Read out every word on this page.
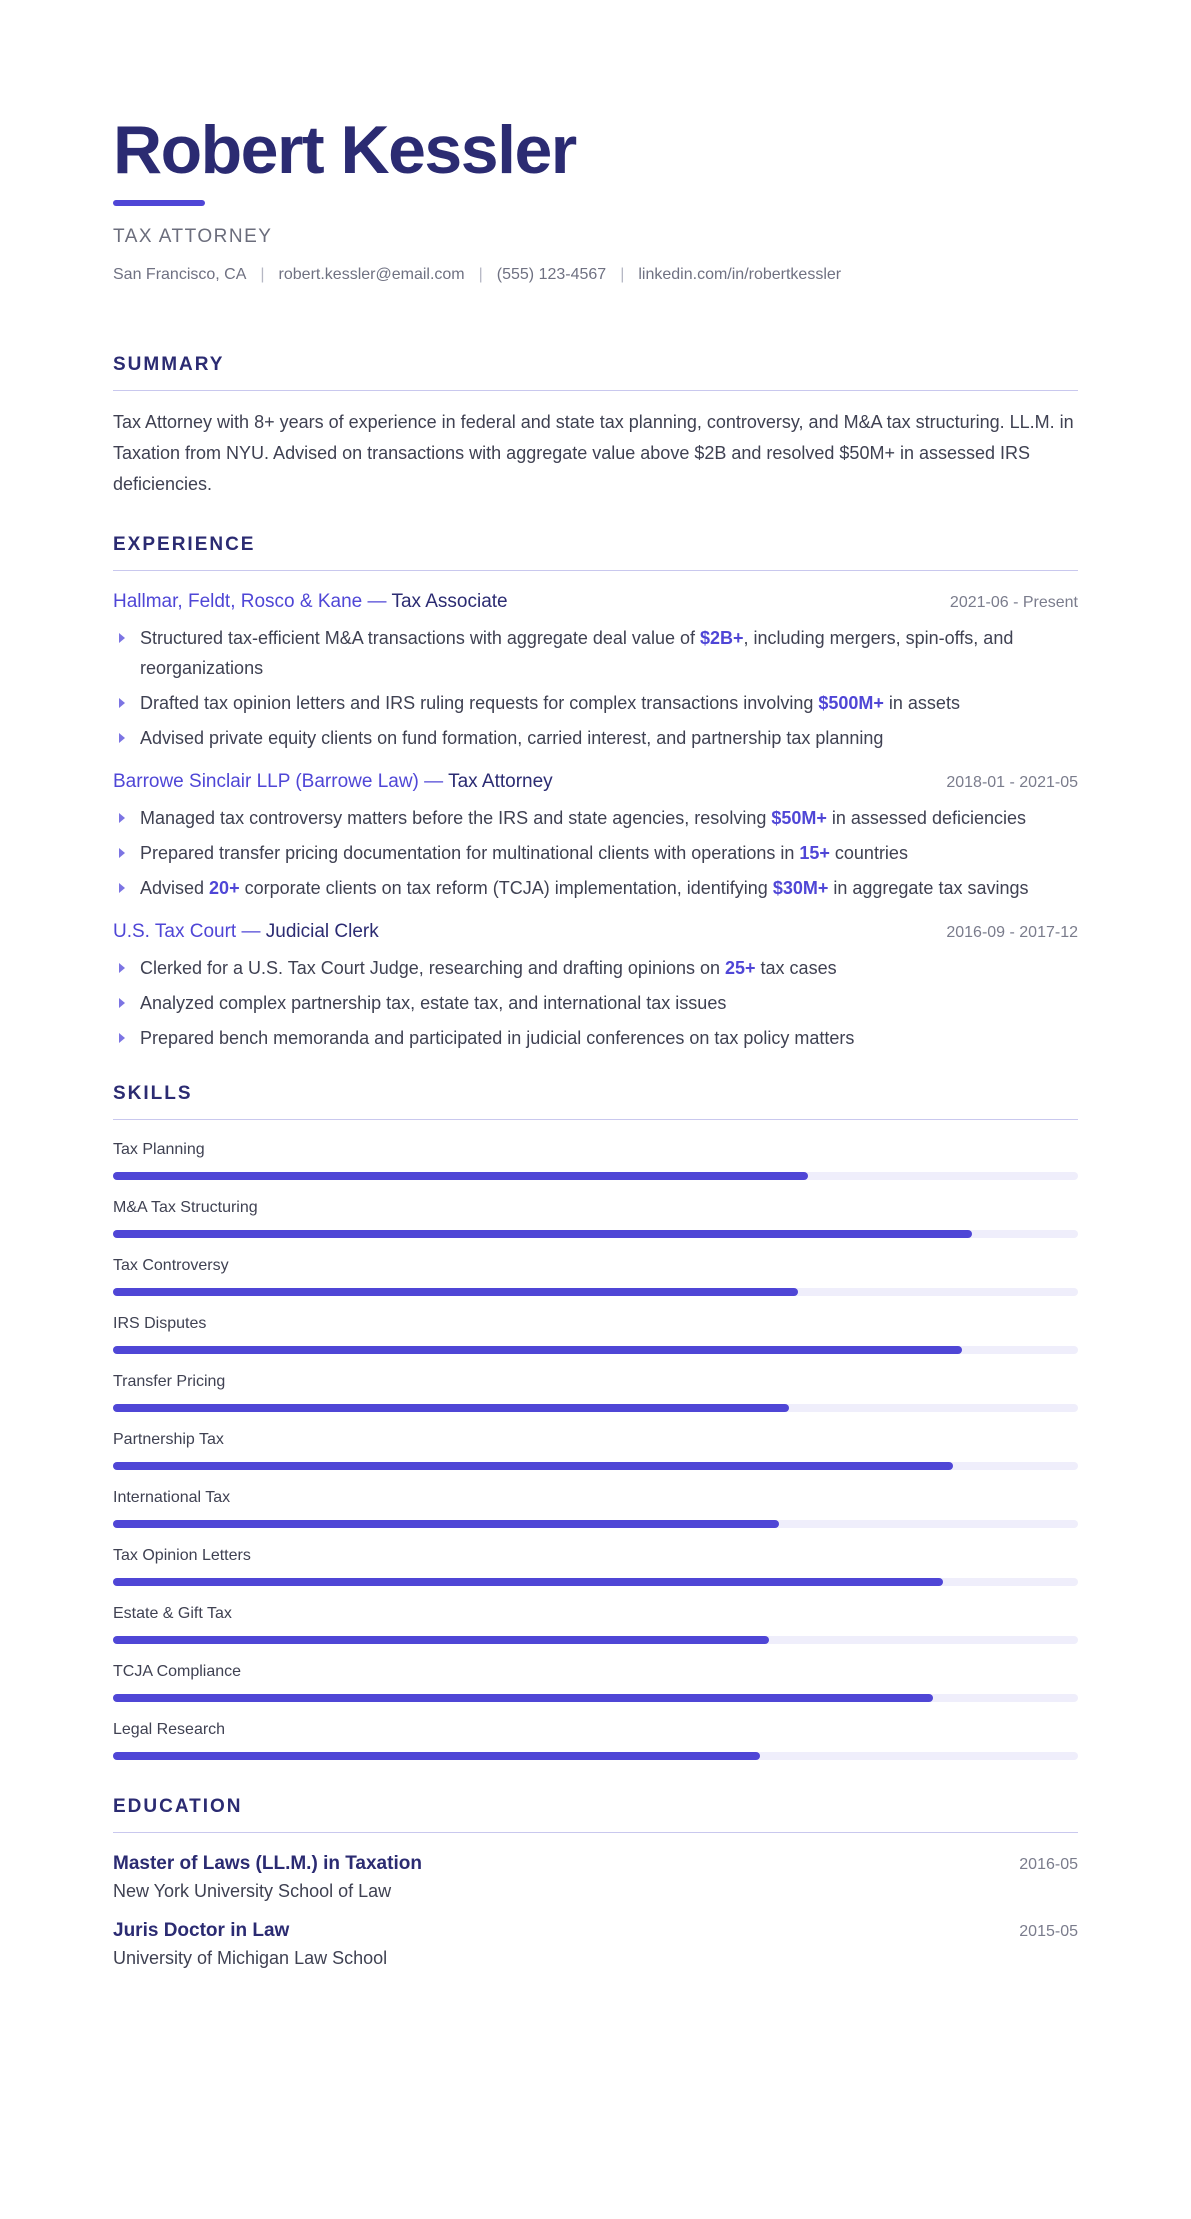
Robert Kessler
TAX ATTORNEY
San Francisco, CA | robert.kessler@email.com | (555) 123-4567 | linkedin.com/in/robertkessler
SUMMARY
Tax Attorney with 8+ years of experience in federal and state tax planning, controversy, and M&A tax structuring. LL.M. in Taxation from NYU. Advised on transactions with aggregate value above $2B and resolved $50M+ in assessed IRS deficiencies.
EXPERIENCE
Hallmar, Feldt, Rosco & Kane — Tax Associate	2021-06 - Present
Structured tax-efficient M&A transactions with aggregate deal value of $2B+, including mergers, spin-offs, and reorganizations
Drafted tax opinion letters and IRS ruling requests for complex transactions involving $500M+ in assets
Advised private equity clients on fund formation, carried interest, and partnership tax planning
Barrowe Sinclair LLP (Barrowe Law) — Tax Attorney	2018-01 - 2021-05
Managed tax controversy matters before the IRS and state agencies, resolving $50M+ in assessed deficiencies
Prepared transfer pricing documentation for multinational clients with operations in 15+ countries
Advised 20+ corporate clients on tax reform (TCJA) implementation, identifying $30M+ in aggregate tax savings
U.S. Tax Court — Judicial Clerk	2016-09 - 2017-12
Clerked for a U.S. Tax Court Judge, researching and drafting opinions on 25+ tax cases
Analyzed complex partnership tax, estate tax, and international tax issues
Prepared bench memoranda and participated in judicial conferences on tax policy matters
SKILLS
Tax Planning
M&A Tax Structuring
Tax Controversy
IRS Disputes
Transfer Pricing
Partnership Tax
International Tax
Tax Opinion Letters
Estate & Gift Tax
TCJA Compliance
Legal Research
EDUCATION
Master of Laws (LL.M.) in Taxation	2016-05
New York University School of Law
Juris Doctor in Law	2015-05
University of Michigan Law School
